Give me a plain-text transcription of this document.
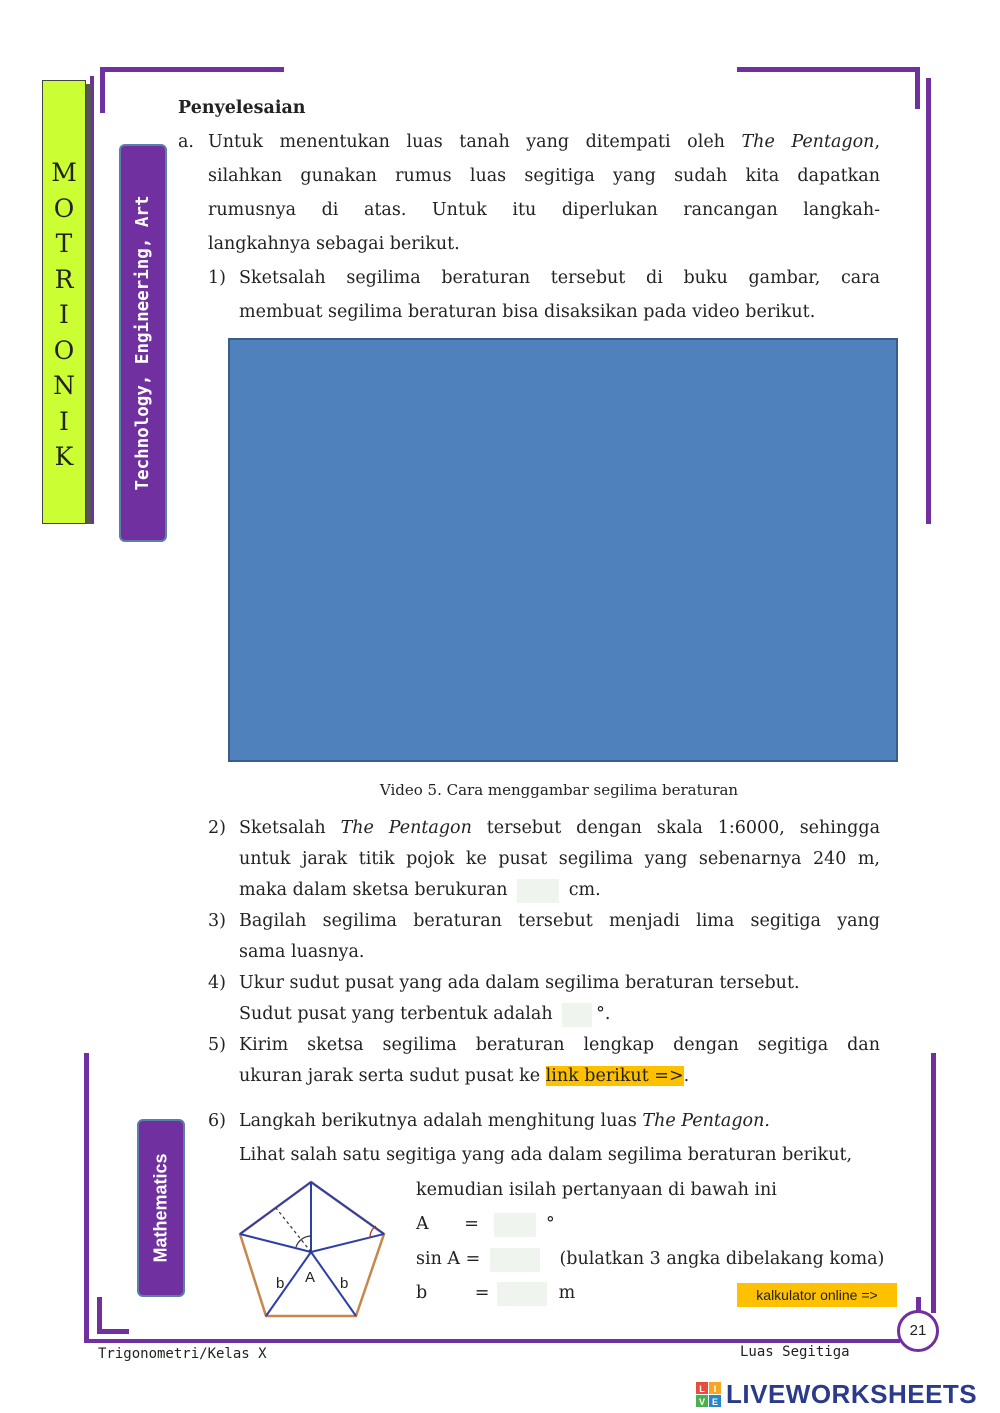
M
O
T
R
I
O
N
I
K	Technology, Engineering, Art
Mathematics
Penyelesaian
a. Untuk menentukan luas tanah yang ditempati oleh The Pentagon,
silahkan gunakan rumus luas segitiga yang sudah kita dapatkan
rumusnya di atas. Untuk itu diperlukan rancangan langkah-
langkahnya sebagai berikut.
1) Sketsalah segilima beraturan tersebut di buku gambar, cara
membuat segilima beraturan bisa disaksikan pada video berikut.
Video 5. Cara menggambar segilima beraturan
2) Sketsalah The Pentagon tersebut dengan skala 1:6000, sehingga
untuk jarak titik pojok ke pusat segilima yang sebenarnya 240 m,
maka dalam sketsa berukuran	cm.
3) Bagilah segilima beraturan tersebut menjadi lima segitiga yang
sama luasnya.
4) Ukur sudut pusat yang ada dalam segilima beraturan tersebut.
Sudut pusat yang terbentuk adalah °.
5) Kirim sketsa segilima beraturan lengkap dengan segitiga dan
ukuran jarak serta sudut pusat ke link berikut =>.
6) Langkah berikutnya adalah menghitung luas The Pentagon.
Lihat salah satu segitiga yang ada dalam segilima beraturan berikut,
kemudian isilah pertanyaan di bawah ini
A =	°
sin A =	(bulatkan 3 angka dibelakang koma)
b	=	m	kalkulator online =>
A
b	b
Trigonometri/Kelas X	Luas Segitiga
21
L I
V E LIVEWORKSHEETS
